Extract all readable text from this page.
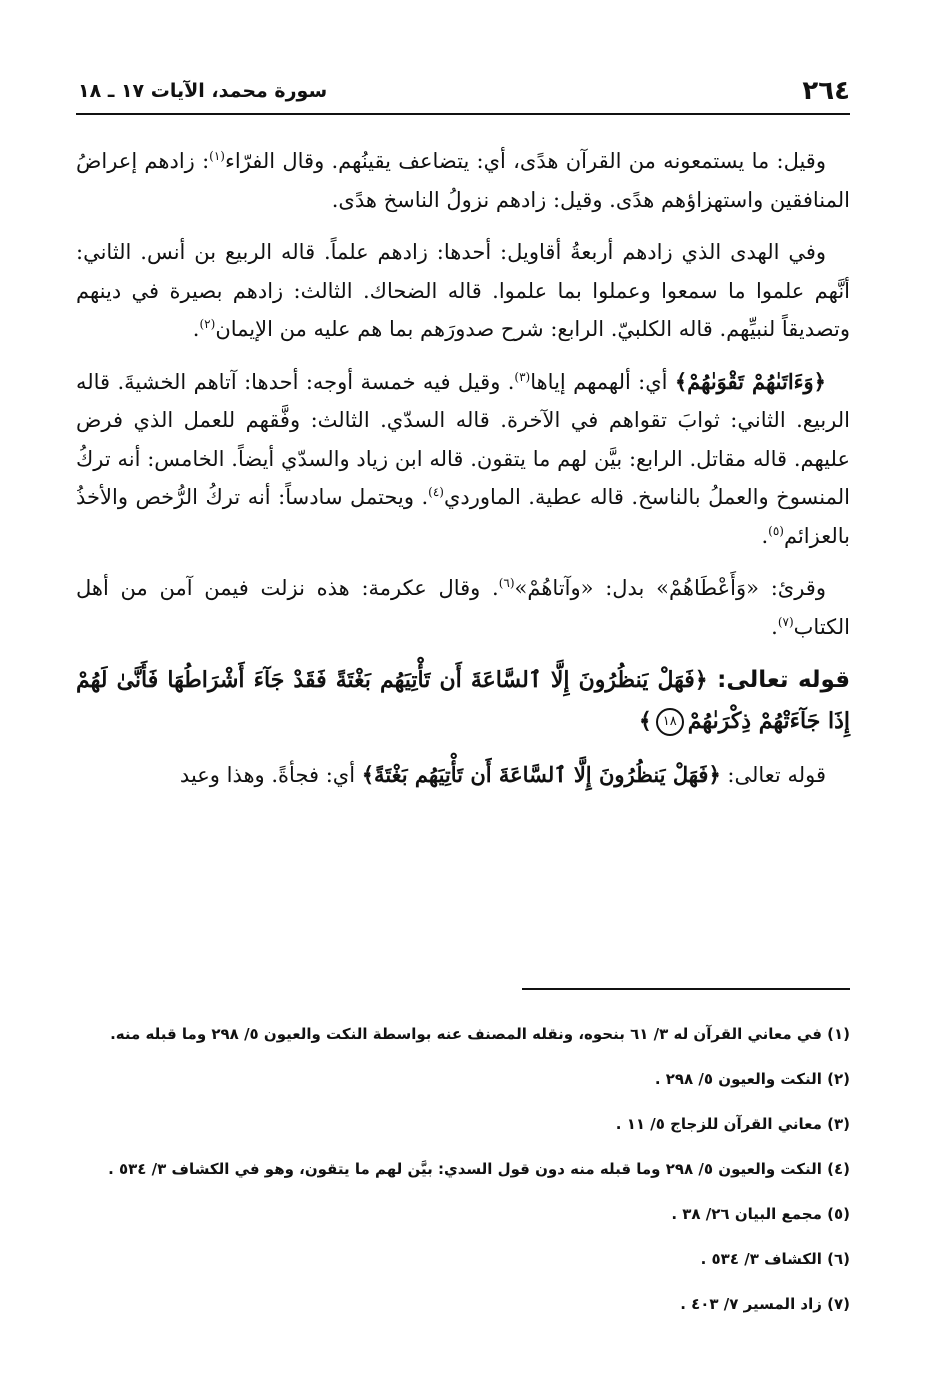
٢٦٤
سورة محمد، الآيات ١٧ ـ ١٨

وقيل: ما يستمعونه من القرآن هدًى، أي: يتضاعف يقينُهم. وقال الفرّاء$^{(١)}$: زادهم إعراضُ المنافقين واستهزاؤهم هدًى. وقيل: زادهم نزولُ الناسخ هدًى.

وفي الهدى الذي زادهم أربعةُ أقاويل: أحدها: زادهم علماً. قاله الربيع بن أنس. الثاني: أنَّهم علموا ما سمعوا وعملوا بما علموا. قاله الضحاك. الثالث: زادهم بصيرة في دينهم وتصديقاً لنبيِّهم. قاله الكلبيّ. الرابع: شرح صدورَهم بما هم عليه من الإيمان$^{(٢)}$.

﴿وَءَاتَىٰهُمْ تَقْوَىٰهُمْ﴾ أي: ألهمهم إياها$^{(٣)}$. وقيل فيه خمسة أوجه: أحدها: آتاهم الخشيةَ. قاله الربيع. الثاني: ثوابَ تقواهم في الآخرة. قاله السدّي. الثالث: وفَّقهم للعمل الذي فرض عليهم. قاله مقاتل. الرابع: بيَّن لهم ما يتقون. قاله ابن زياد والسدّي أيضاً. الخامس: أنه تركُ المنسوخ والعملُ بالناسخ. قاله عطية. الماوردي$^{(٤)}$. ويحتمل سادساً: أنه تركُ الرُّخص والأخذُ بالعزائم$^{(٥)}$.

وقرئ: «وَأَعْطَاهُمْ» بدل: «وآتاهُمْ»$^{(٦)}$. وقال عكرمة: هذه نزلت فيمن آمن من أهل الكتاب$^{(٧)}$.

قوله تعالى: ﴿فَهَلْ يَنظُرُونَ إِلَّا ٱلسَّاعَةَ أَن تَأْتِيَهُم بَغْتَةً فَقَدْ جَآءَ أَشْرَاطُهَا فَأَنَّىٰ لَهُمْ إِذَا جَآءَتْهُمْ ذِكْرَىٰهُمْ١٨﴾

قوله تعالى: ﴿فَهَلْ يَنظُرُونَ إِلَّا ٱلسَّاعَةَ أَن تَأْتِيَهُم بَغْتَةً﴾ أي: فجأةً. وهذا وعيد

(١) في معاني القرآن له ٣/ ٦١ بنحوه، ونقله المصنف عنه بواسطة النكت والعيون ٥/ ٢٩٨ وما قبله منه.
(٢) النكت والعيون ٥/ ٢٩٨ .
(٣) معاني القرآن للزجاج ٥/ ١١ .
(٤) النكت والعيون ٥/ ٢٩٨ وما قبله منه دون قول السدي: بيَّن لهم ما يتقون، وهو في الكشاف ٣/ ٥٣٤ .
(٥) مجمع البيان ٢٦/ ٣٨ .
(٦) الكشاف ٣/ ٥٣٤ .
(٧) زاد المسير ٧/ ٤٠٣ .
